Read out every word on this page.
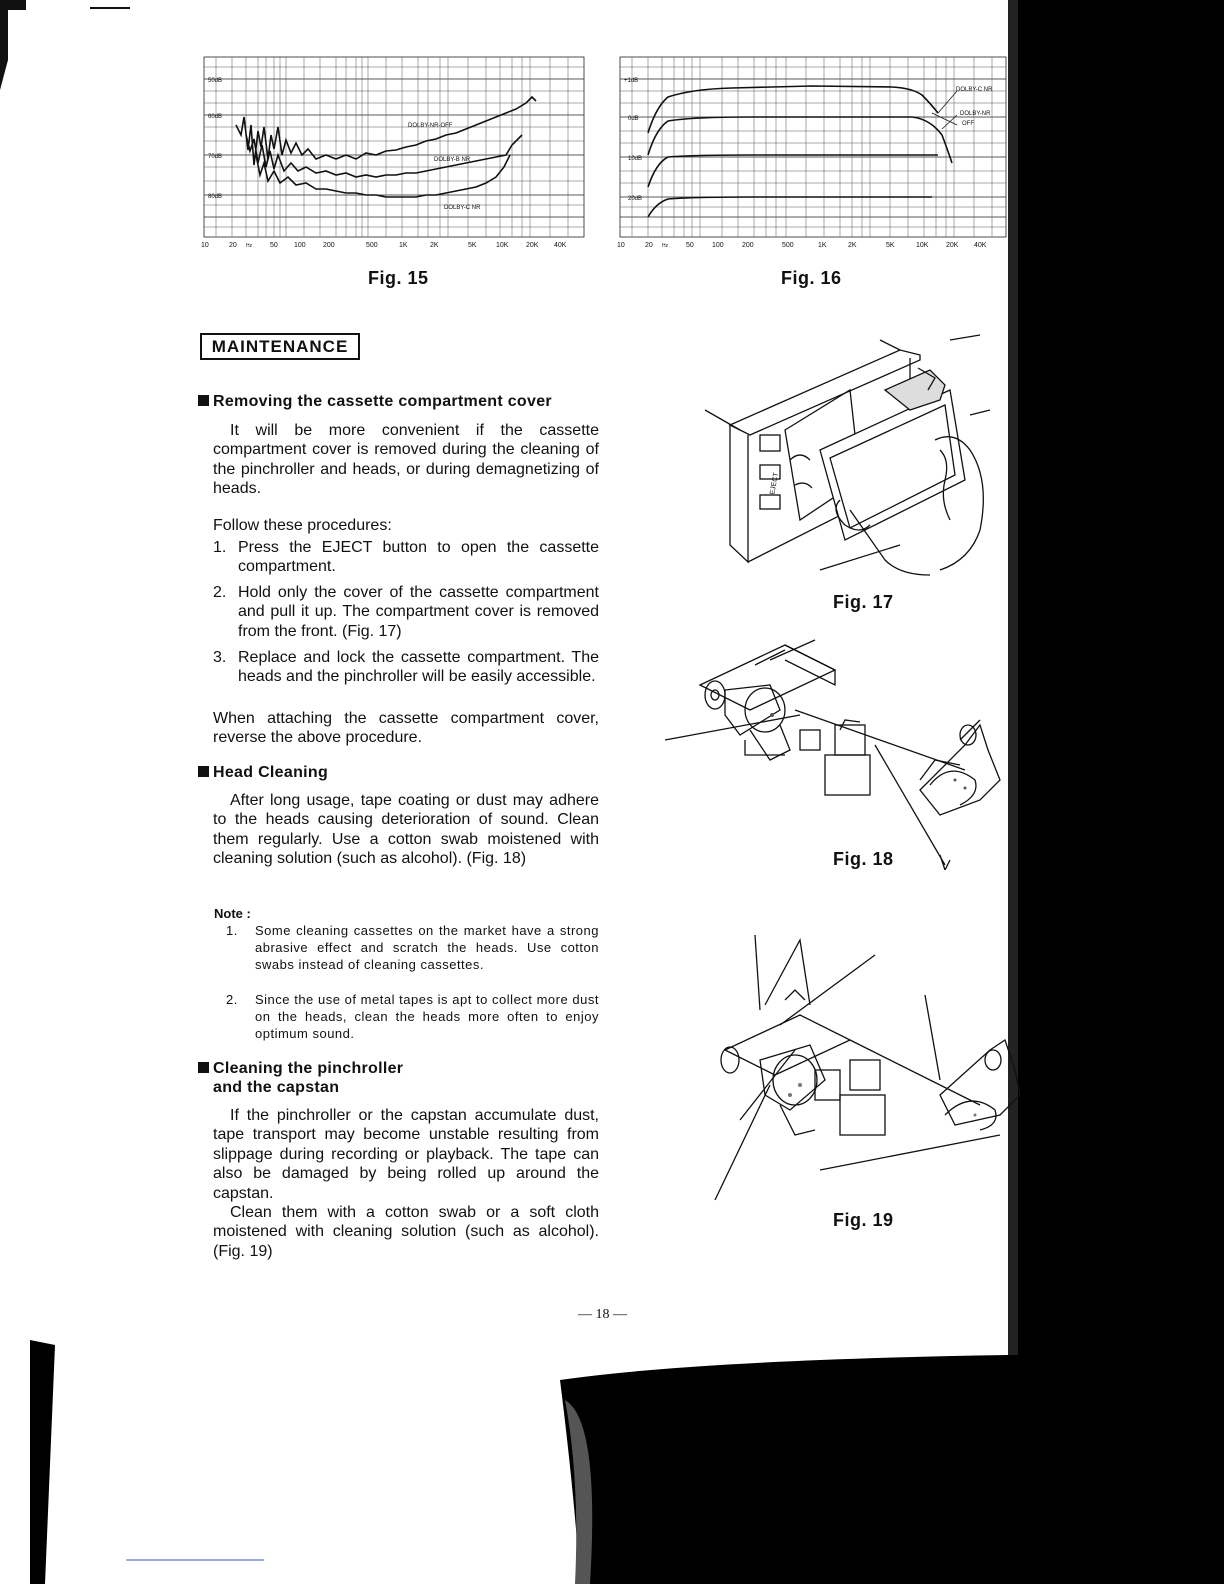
50dB
60dB
70dB
80dB
DOLBY-NR-OFF
DOLBY-B NR
DOLBY-C NR
10	20 Hz	50 100 200	500	1K	2K	5K	10K	20K 40K
Fig. 15
+1dB
0dB
10dB
20dB
DOLBY-C NR
DOLBY-NR
OFF
10	20 Hz	50	100	200	500	1K	2K	5K	10K	20K 40K
Fig. 16
MAINTENANCE
Removing the cassette compartment cover
It will be more convenient if the cassette compartment cover is removed during the cleaning of the pinchroller and heads, or during demagnetizing of heads.
Follow these procedures:
1. Press the EJECT button to open the cassette compartment.
2. Hold only the cover of the cassette compartment and pull it up. The compartment cover is removed from the front. (Fig. 17)
3. Replace and lock the cassette compartment. The heads and the pinchroller will be easily accessible.
When attaching the cassette compartment cover, reverse the above procedure.
Head Cleaning
After long usage, tape coating or dust may adhere to the heads causing deterioration of sound. Clean them regularly. Use a cotton swab moistened with cleaning solution (such as alcohol). (Fig. 18)
Note :
1. Some cleaning cassettes on the market have a strong abrasive effect and scratch the heads. Use cotton swabs instead of cleaning cassettes.
2. Since the use of metal tapes is apt to collect more dust on the heads, clean the heads more often to enjoy optimum sound.
Cleaning the pinchroller
and the capstan
If the pinchroller or the capstan accumulate dust, tape transport may become unstable resulting from slippage during recording or playback. The tape can also be damaged by being rolled up around the capstan.
Clean them with a cotton swab or a soft cloth moistened with cleaning solution (such as alcohol). (Fig. 19)
EJECT
Fig. 17
Fig. 18
Fig. 19
— 18 —
